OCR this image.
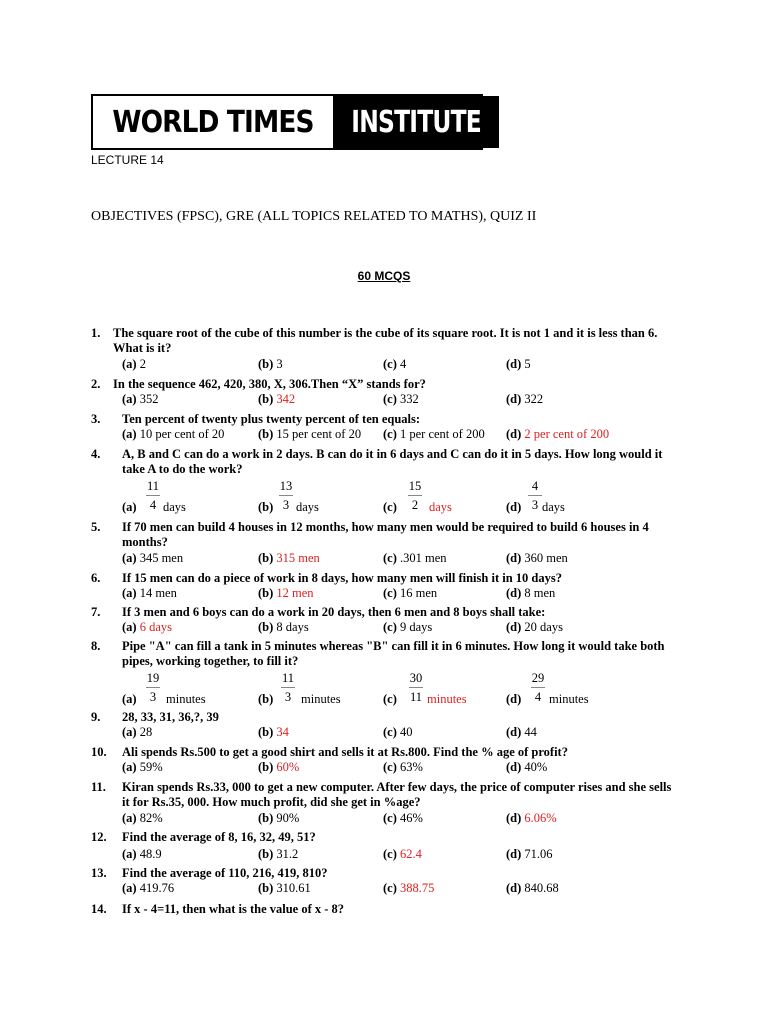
WORLD TIMES INSTITUTE
LECTURE 14
OBJECTIVES (FPSC), GRE (ALL TOPICS RELATED TO MATHS), QUIZ II
60 MCQS
1. The square root of the cube of this number is the cube of its square root. It is not 1 and it is less than 6. What is it?
(a) 2	(b) 3	(c) 4	(d) 5
2. In the sequence 462, 420, 380, X, 306.Then “X” stands for?
(a) 352	(b) 342	(c) 332	(d) 322
3. Ten percent of twenty plus twenty percent of ten equals:
(a) 10 per cent of 20	(b) 15 per cent of 20 (c) 1 per cent of 200 (d) 2 per cent of 200
4. A, B and C can do a work in 2 days. B can do it in 6 days and C can do it in 5 days. How long would it take A to do the work?
(a)
11
4 days	(b)
13
3 days	(c)
15
2 days	(d)
4
3 days
5. If 70 men can build 4 houses in 12 months, how many men would be required to build 6 houses in 4 months?
(a) 345 men	(b) 315 men	(c) .301 men	(d) 360 men
6. If 15 men can do a piece of work in 8 days, how many men will finish it in 10 days?
(a) 14 men	(b) 12 men	(c) 16 men	(d) 8 men
7. If 3 men and 6 boys can do a work in 20 days, then 6 men and 8 boys shall take:
(a) 6 days	(b) 8 days	(c) 9 days	(d) 20 days
8. Pipe "A" can fill a tank in 5 minutes whereas "B" can fill it in 6 minutes. How long it would take both pipes, working together, to fill it?
(a)
19
3 minutes	(b)
11
3 minutes	(c)
30
11 minutes	(d)
29
4 minutes
9. 28, 33, 31, 36,?, 39
(a) 28	(b) 34	(c) 40	(d) 44
10. Ali spends Rs.500 to get a good shirt and sells it at Rs.800. Find the % age of profit?
(a) 59%	(b) 60%	(c) 63%	(d) 40%
11. Kiran spends Rs.33, 000 to get a new computer. After few days, the price of computer rises and she sells it for Rs.35, 000. How much profit, did she get in %age?
(a) 82%	(b) 90%	(c) 46%	(d) 6.06%
12. Find the average of 8, 16, 32, 49, 51?
(a) 48.9	(b) 31.2	(c) 62.4	(d) 71.06
13. Find the average of 110, 216, 419, 810?
(a) 419.76	(b) 310.61	(c) 388.75	(d) 840.68
14. If x - 4=11, then what is the value of x - 8?
